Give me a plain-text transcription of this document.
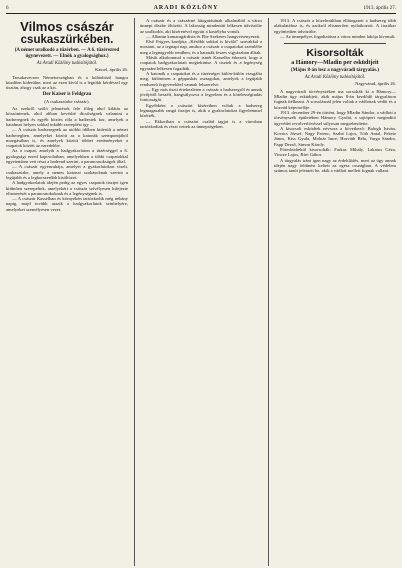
6	ARADI KÖZLÖNY	1913. április 27.
Vilmos császár
csukaszürkében.
(A német uralkodó a tüzérben. — A 6. tüzérezred ügynevezett. — Elnök a gyalogsághoz.)
Az Aradi Közlöny tudósítójától.
Kassel, április 26.

Tarsakavecsen Németországban és a különbözõ hangra küzdõen kiderülne, mert az ezen kívül is a legtöbb kérdéssel egy tisztán, ahogy csak az a kis.

Der Kaiser is Feldgrau
(A csukaszürke császár).

Az ezekrõl szóló jelentések fele fõleg ahol kilátás az köszöntenek, ahol aliban kevésbé dicsõségnek valamint a hadseregnek és egyéb köztes róla a hadtestek kor, amelyek a hatalmas helyen sokkal inkább szereplést igy ...

— A császár hadseregnek az utóbbi időben kiderült a német hadseregben, amelyeket között az a katonák szempontjából mozgásában is, és amelyek között többet eredményeket a csapatok között az ezredekbe.

Az a csapat, amelyik a hadgyakorlaton a tüzérséggel a 6. gyalogsági ezred kapcsolatban, amelyekben a többi csapatokkal egyetemben vett részt a hadrend szerint, a parancsnokságok által.

— A császár egyenruhája, amelyet a gyakorlatokon viselt, csukaszürke, amely a nemes katonai szokásoknak szerint a legújabb és a legkorszerûbb kisöltözet.

A hadgyakorlatok idején pedig az egyes csapatok tisztjei igen kitûnõen szerepeltek, amelyekért a császár szívélyesen kifejezte elismerését a parancsnokoknak és a legénységnek is.

— A császár Kasselban és környékén tartózkodik még néhány napig, majd tovább utazik a hadgyakorlatok színhelyére, amelyeket személyesen vezet.

A császár és a császárné látogatásának alkalmából a város ünnepi díszbe öltözött. A lakosság mindenütt lelkesen üdvözölte az uralkodót, aki kíséretével együtt a kastélyba vonult.

— Albanin kamaragárdista és Ebe Szekeres hangversenyezett.

Első Frigyes kardjára „Késõbb sokkal is kiváló” szavakkal a mostani, az a tegnapi nap, amikor a császár a csapatokat szemlélte meg a legnagyobb rendben, és a katonák feszes vigyázzban álltak.

Másik alkalommal a császár ismét Kasselba érkezett, hogy a csapatok hadgyakorlatait megtekintse. A tisztek és a legénység egyaránt lelkesen fogadták.

A katonák a csapatokat és a tüzérséget külön-külön vizsgálta meg, különösen a géppuskás osztagokat, amelyek a legújabb rendszerû fegyverekkel vannak felszerelve.

— Egy más tiszti értekezleten a császár a hadseregrõl és annak jövõjérõl beszélt, hangsúlyozva a fegyelem és a kötelességtudás fontosságát.

Egyébként a császári kíséretben voltak a hadsereg legmagasabb rangú tisztjei is, akik a gyakorlatokat figyelemmel kísérték.

— Ekkoriban a császári család tagjai is a városban tartózkodtak és részt vettek az ünnepségeken.

1913. A császár a közelmúltban ellátogatott a hadsereg több alakulatához is, és azokról elismerõen nyilatkozott. A tisztikar egyöntetûen üdvözölte.

— Az ünnepélyes fogadtatásra a város minden lakója kivonult.

Kisorsolták
a Hámory—Mladin per esküdtjeit
(Május 8-án lesz a nagyváradi tárgyalás.)
Az Aradi Közlöny tudósítójától.
Nagyvárad, április 26.

A nagyváradi törvényszéken ma sorsolták ki a Hámory—Mladin ügy esküdtjeit, akik május 8-án kezdõdõ tárgyaláson fognak ítélkezni. A sorsolásnál jelen voltak a vádlottak védõi és a közvád képviselõje.

1913. december 29-én történt, hogy Mladin Sándor, a vádlott a törvényszék épületében Hámory Gyulát, a sajtópert megindító ügyvédet revolverlövéssel súlyosan megsebesítette.

A kisorsolt esküdtek névsora a következõ: Balogh István, Kovács József, Nagy Ferenc, Szabó Lajos, Tóth Antal, Fekete János, Kiss Gyula, Molnár Imre, Horváth Béla, Varga Sándor, Papp Dezsõ, Simon Károly.

Pótesküdtekül kisorsolták: Farkas Mihály, Lakatos Géza, Vincze Lajos, Bíró Gábor.

A tárgyalás iránt igen nagy az érdeklõdés, mert az ügy annak idején nagy feltûnést keltett az egész országban. A védelem számos tanút jelentett be, akik a vádlott mellett fognak vallani.
